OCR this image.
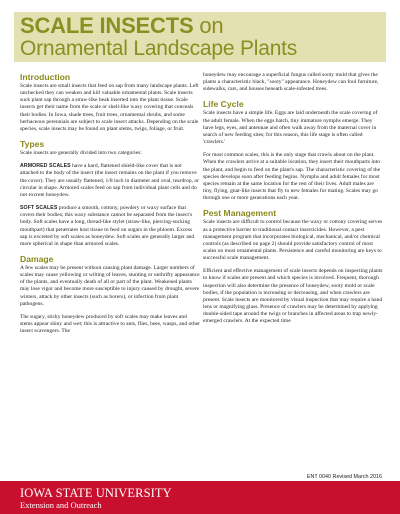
SCALE INSECTS on
Ornamental Landscape Plants
Introduction

Scale insects are small insects that feed on sap from many landscape plants. Left unchecked they can weaken and kill valuable ornamental plants. Scale insects suck plant sap through a straw-like beak inserted into the plant tissue. Scale insects get their name from the scale or shell-like waxy covering that conceals their bodies. In Iowa, shade trees, fruit trees, ornamental shrubs, and some herbaceous perennials are subject to scale insect attacks. Depending on the scale species, scale insects may be found on plant stems, twigs, foliage, or fruit.

Types

Scale insects are generally divided into two categories:

ARMORED SCALES have a hard, flattened shield-like cover that is not attached to the body of the insect (the insect remains on the plant if you remove the cover). They are usually flattened, 1/8 inch in diameter and oval, teardrop, or circular in shape. Armored scales feed on sap from individual plant cells and do not excrete honeydew.

SOFT SCALES produce a smooth, cottony, powdery or waxy surface that covers their bodies; this waxy substance cannot be separated from the insect's body. Soft scales have a long, thread-like stylet (straw-like, piercing-sucking mouthpart) that penetrates host tissue to feed on sugars in the phloem. Excess sap is excreted by soft scales as honeydew. Soft scales are generally larger and more spherical in shape than armored scales.

Damage

A few scales may be present without causing plant damage. Larger numbers of scales may cause yellowing or wilting of leaves, stunting or unthrifty appearance of the plants, and eventually death of all or part of the plant. Weakened plants may lose vigor and become more susceptible to injury caused by drought, severe winters, attack by other insects (such as borers), or infection from plant pathogens.

The sugary, sticky honeydew produced by soft scales may make leaves and stems appear shiny and wet; this is attractive to ants, flies, bees, wasps, and other insect scavengers. The

honeydew may encourage a superficial fungus called sooty mold that gives the plants a characteristic black, "sooty" appearance. Honeydew can foul furniture, sidewalks, cars, and houses beneath scale-infested trees.

Life Cycle

Scale insects have a simple life. Eggs are laid underneath the scale covering of the adult female. When the eggs hatch, tiny immature nymphs emerge. They have legs, eyes, and antennae and often walk away from the maternal cover in search of new feeding sites; for this reason, this life stage is often called 'crawlers.'

For most common scales, this is the only stage that crawls about on the plant. When the crawlers arrive at a suitable location, they insert their mouthparts into the plant, and begin to feed on the plant's sap. The characteristic covering of the species develops soon after feeding begins. Nymphs and adult females for most species remain at the same location for the rest of their lives. Adult males are tiny, flying, gnat-like insects that fly to new females for mating. Scales may go through one or more generations each year.

Pest Management

Scale insects are difficult to control because the waxy or cottony covering serves as a protective barrier to traditional contact insecticides. However, a pest management program that incorporates biological, mechanical, and/or chemical controls (as described on page 2) should provide satisfactory control of most scales on most ornamental plants. Persistence and careful monitoring are keys to successful scale management.

Efficient and effective management of scale insects depends on inspecting plants to know if scales are present and which species is involved. Frequent, thorough inspection will also determine the presence of honeydew, sooty mold or scale bodies, if the population is increasing or decreasing, and when crawlers are present. Scale insects are monitored by visual inspection that may require a hand lens or magnifying glass. Presence of crawlers may be determined by applying double-sided tape around the twigs or branches in affected areas to trap newly-emerged crawlers. At the expected time

ENT 0040 Revised March 2016
IOWA STATE UNIVERSITY
Extension and Outreach
